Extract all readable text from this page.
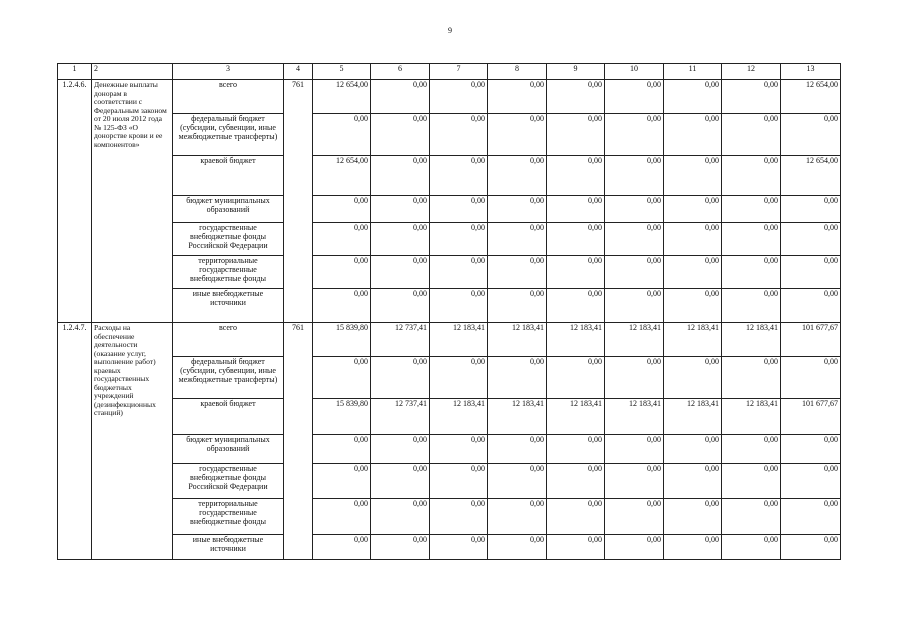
9
1	2	3	4	5	6	7	8	9	10	11	12	13
1.2.4.6.	Денежные выплаты донорам в соответствии с Федеральным законом от 20 июля 2012 года № 125-ФЗ «О донорстве крови и ее компонентов»	всего	761	12 654,00	0,00	0,00	0,00	0,00	0,00	0,00	0,00	12 654,00
		федеральный бюджет (субсидии, субвенции, иные межбюджетные трансферты)		0,00	0,00	0,00	0,00	0,00	0,00	0,00	0,00	0,00
		краевой бюджет		12 654,00	0,00	0,00	0,00	0,00	0,00	0,00	0,00	12 654,00
		бюджет муниципальных образований		0,00	0,00	0,00	0,00	0,00	0,00	0,00	0,00	0,00
		государственные внебюджетные фонды Российской Федерации		0,00	0,00	0,00	0,00	0,00	0,00	0,00	0,00	0,00
		территориальные государственные внебюджетные фонды		0,00	0,00	0,00	0,00	0,00	0,00	0,00	0,00	0,00
		иные внебюджетные источники		0,00	0,00	0,00	0,00	0,00	0,00	0,00	0,00	0,00
1.2.4.7.	Расходы на обеспечение деятельности (оказание услуг, выполнение работ) краевых государственных бюджетных учреждений (дезинфекционных станций)	всего	761	15 839,80	12 737,41	12 183,41	12 183,41	12 183,41	12 183,41	12 183,41	12 183,41	101 677,67
		федеральный бюджет (субсидии, субвенции, иные межбюджетные трансферты)		0,00	0,00	0,00	0,00	0,00	0,00	0,00	0,00	0,00
		краевой бюджет		15 839,80	12 737,41	12 183,41	12 183,41	12 183,41	12 183,41	12 183,41	12 183,41	101 677,67
		бюджет муниципальных образований		0,00	0,00	0,00	0,00	0,00	0,00	0,00	0,00	0,00
		государственные внебюджетные фонды Российской Федерации		0,00	0,00	0,00	0,00	0,00	0,00	0,00	0,00	0,00
		территориальные государственные внебюджетные фонды		0,00	0,00	0,00	0,00	0,00	0,00	0,00	0,00	0,00
		иные внебюджетные источники		0,00	0,00	0,00	0,00	0,00	0,00	0,00	0,00	0,00
